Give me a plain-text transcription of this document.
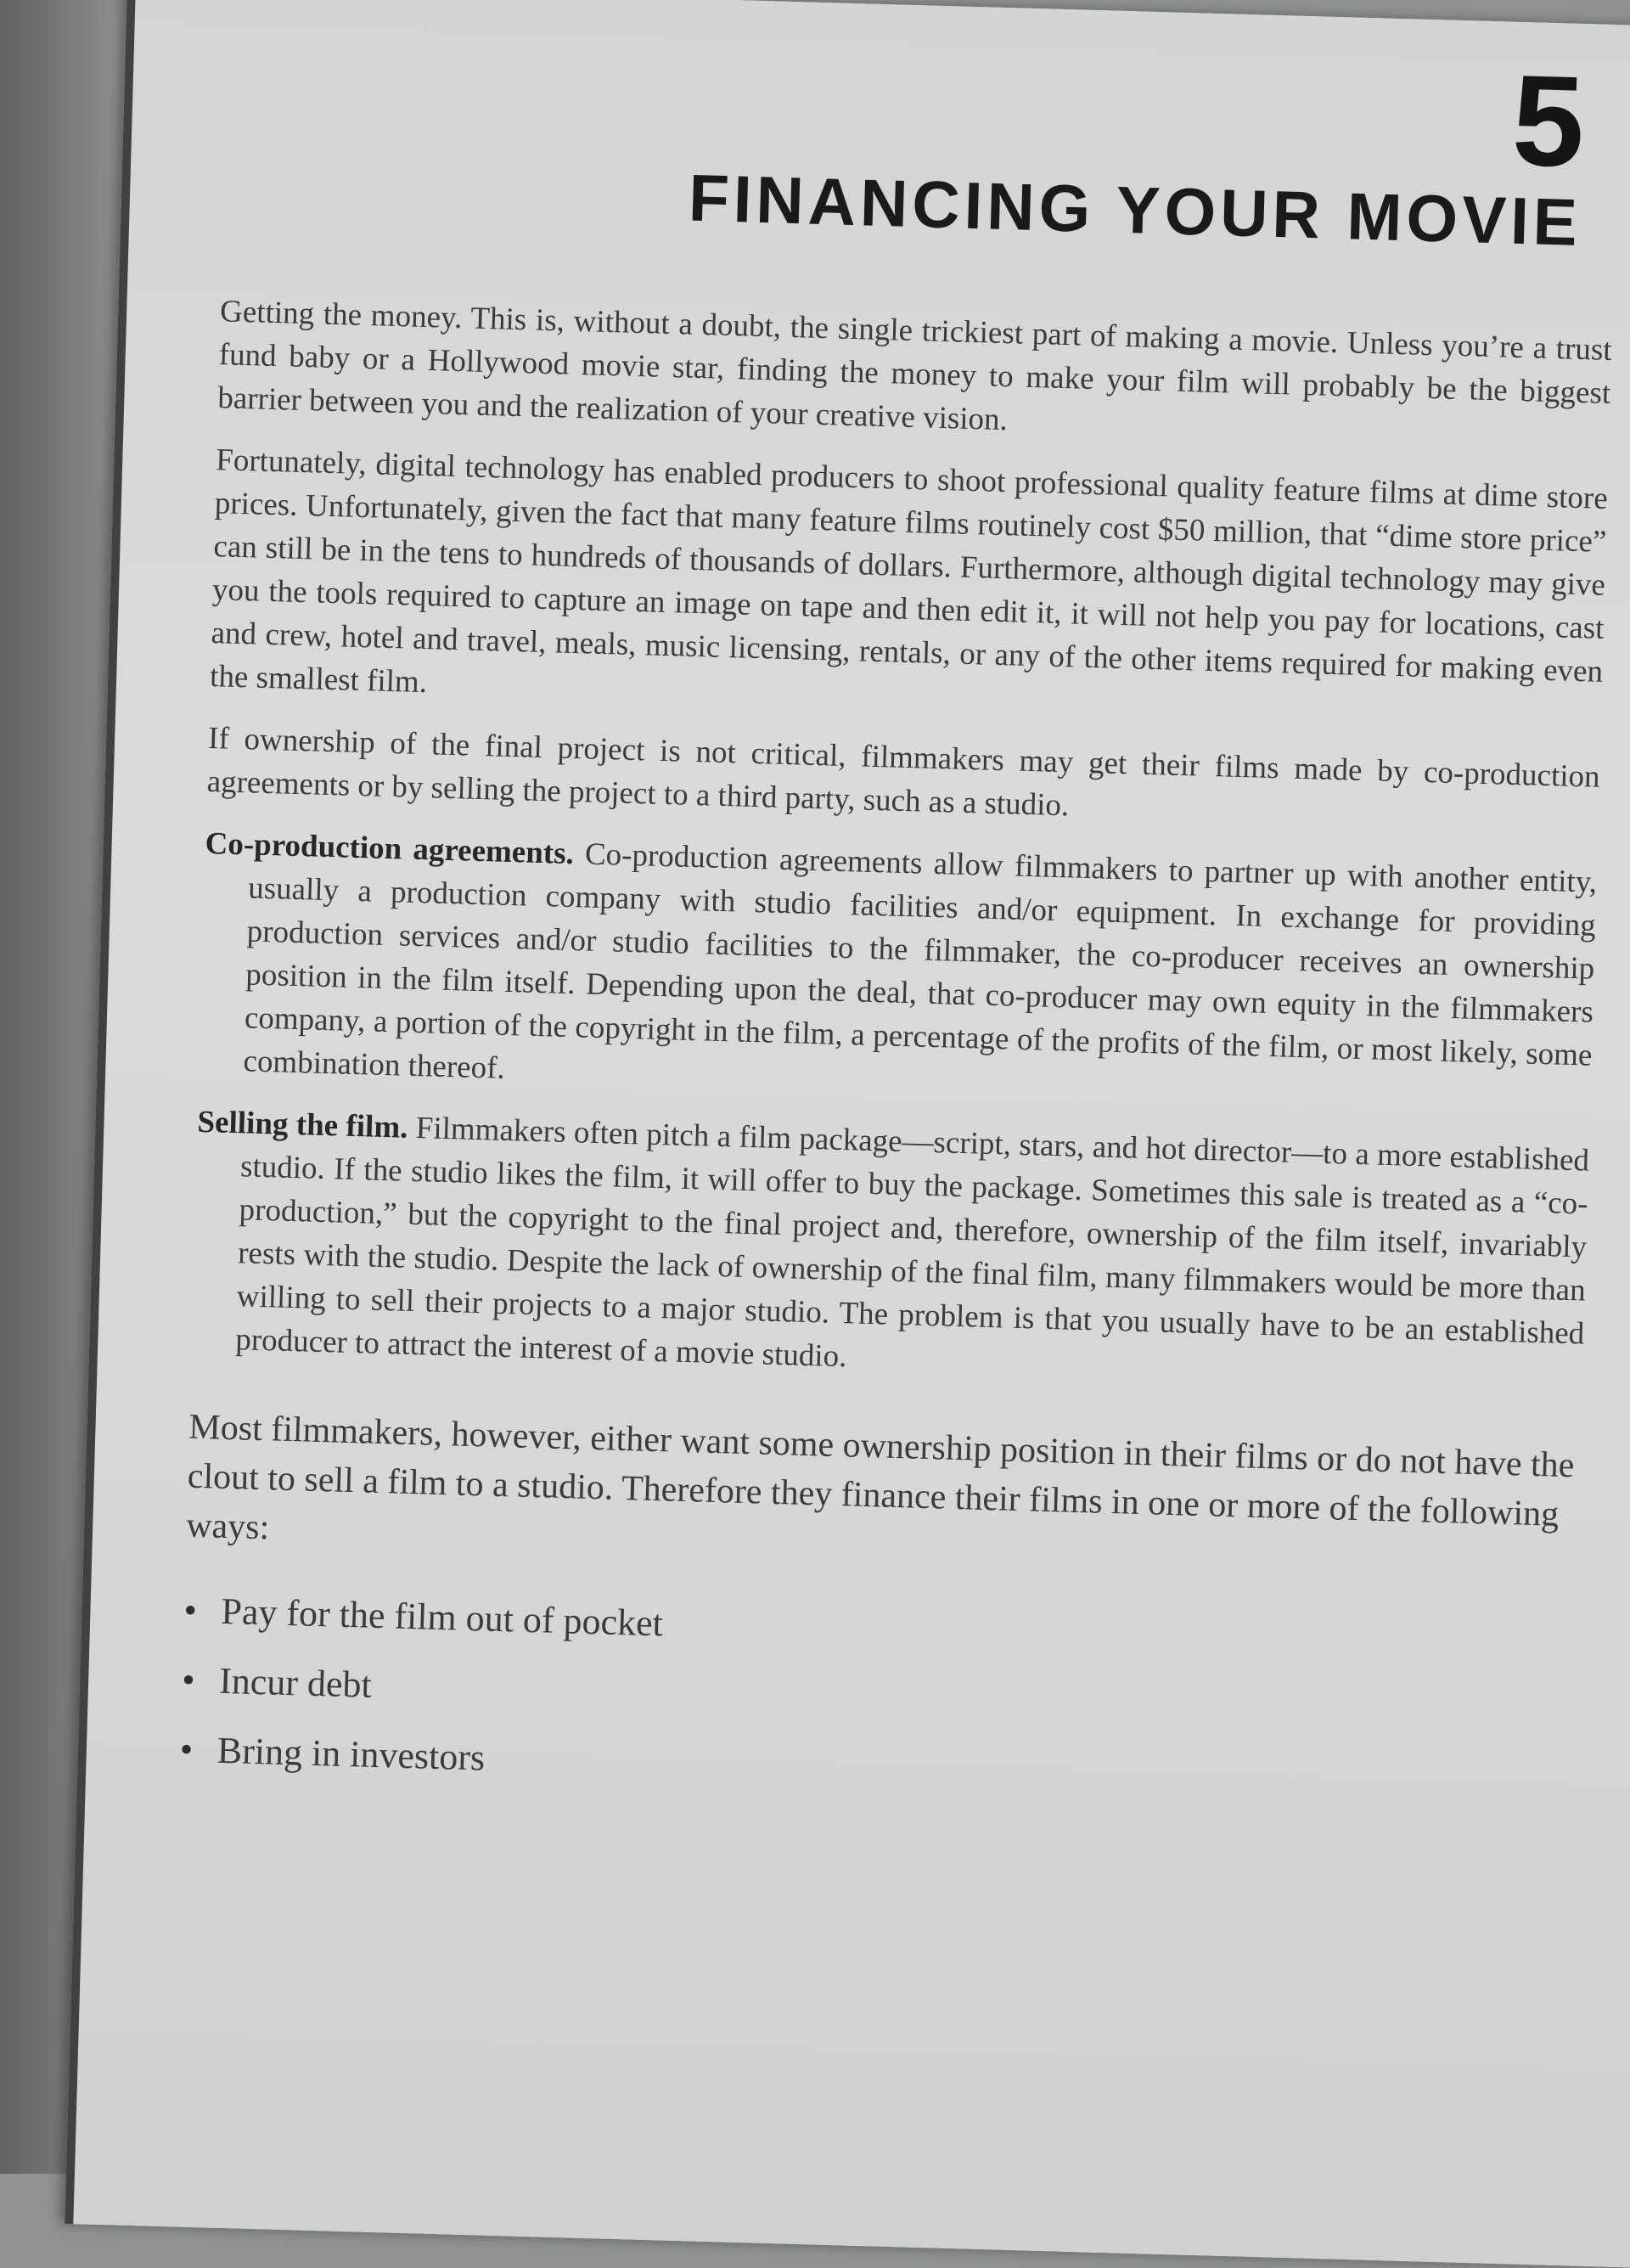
5
FINANCING YOUR MOVIE

Getting the money. This is, without a doubt, the single trickiest part of making a movie. Unless you’re a trust fund baby or a Hollywood movie star, finding the money to make your film will probably be the biggest barrier between you and the realization of your creative vision.

Fortunately, digital technology has enabled producers to shoot professional quality feature films at dime store prices. Unfortunately, given the fact that many feature films routinely cost $50 million, that “dime store price” can still be in the tens to hundreds of thousands of dollars. Furthermore, although digital technology may give you the tools required to capture an image on tape and then edit it, it will not help you pay for locations, cast and crew, hotel and travel, meals, music licensing, rentals, or any of the other items required for making even the smallest film.

If ownership of the final project is not critical, filmmakers may get their films made by co-production agreements or by selling the project to a third party, such as a studio.

Co-production agreements. Co-production agreements allow filmmakers to partner up with another entity, usually a production company with studio facilities and/or equipment. In exchange for providing production services and/or studio facilities to the filmmaker, the co-producer receives an ownership position in the film itself. Depending upon the deal, that co-producer may own equity in the filmmakers company, a portion of the copyright in the film, a percentage of the profits of the film, or most likely, some combination thereof.

Selling the film. Filmmakers often pitch a film package—script, stars, and hot director—to a more established studio. If the studio likes the film, it will offer to buy the package. Sometimes this sale is treated as a “co-production,” but the copyright to the final project and, therefore, ownership of the film itself, invariably rests with the studio. Despite the lack of ownership of the final film, many filmmakers would be more than willing to sell their projects to a major studio. The problem is that you usually have to be an established producer to attract the interest of a movie studio.

Most filmmakers, however, either want some ownership position in their films or do not have the clout to sell a film to a studio. Therefore they finance their films in one or more of the following ways:

• Pay for the film out of pocket
• Incur debt
• Bring in investors
